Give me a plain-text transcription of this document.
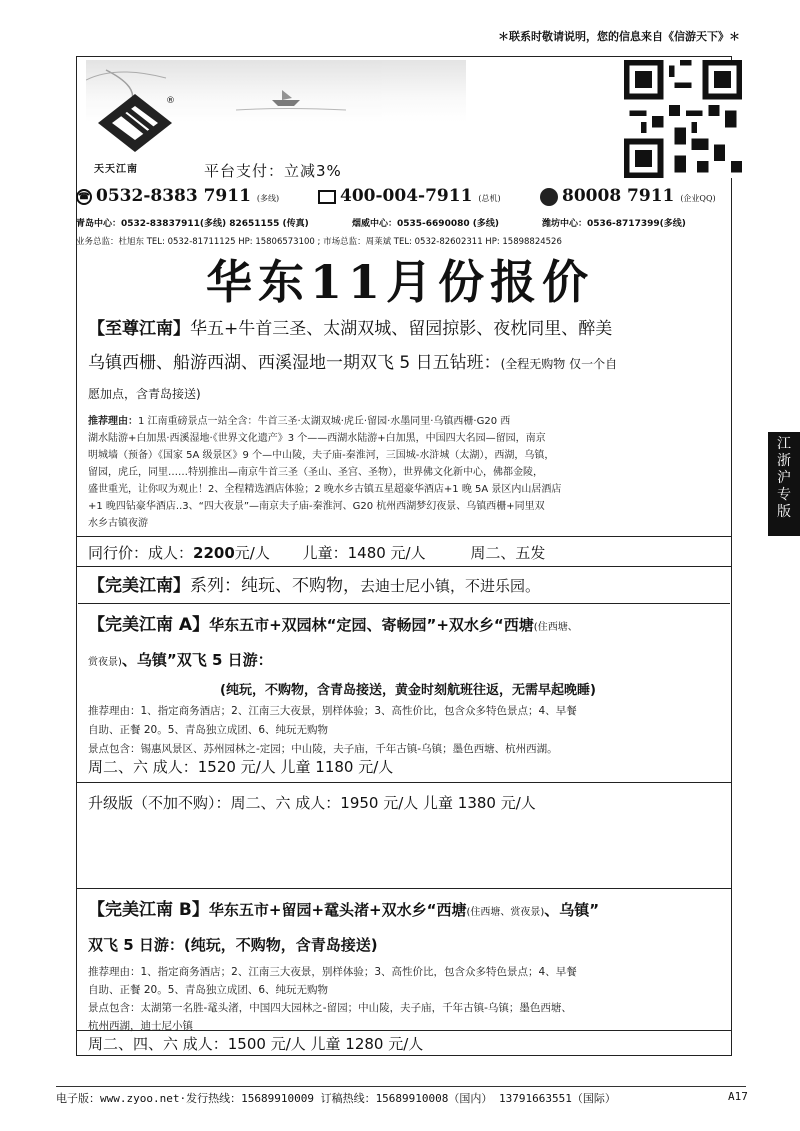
＊联系时敬请说明，您的信息来自《信游天下》＊
江
浙
沪
专
版
®
天天江南	平台支付：立减3%
☎ 0532-8383 7911 (多线)	400-004-7911 (总机)	80008 7911 (企业QQ)
青岛中心：0532-83837911(多线) 82651155 (传真)	烟威中心：0535-6690080 (多线)	潍坊中心：0536-8717399(多线)
业务总监：杜旭东 TEL: 0532-81711125 HP: 15806573100 ; 市场总监：周莱斌 TEL: 0532-82602311 HP: 15898824526
华东11月份报价
【至尊江南】华五+牛首三圣、太湖双城、留园掠影、夜枕同里、醉美
乌镇西栅、船游西湖、西溪湿地一期双飞 5 日五钻班：(全程无购物 仅一个自
愿加点，含青岛接送)
推荐理由：1 江南重磅景点一站全含：牛首三圣·太湖双城·虎丘·留园·水墨同里·乌镇西栅·G20 西
湖水陆游+白加黑·西溪湿地·《世界文化遗产》3 个——西湖水陆游+白加黑，中国四大名园—留园，南京
明城墙（预备）《国家 5A 级景区》9 个—中山陵，夫子庙-秦淮河，三国城-水浒城（太湖），西湖，乌镇，
留园，虎丘，同里……特别推出—南京牛首三圣（圣山、圣宫、圣物），世界佛文化新中心，佛都金陵，
盛世重光，让你叹为观止！2、全程精选酒店体验；2 晚水乡古镇五星超豪华酒店+1 晚 5A 景区内山居酒店
+1 晚四钻豪华酒店..3、“四大夜景”—南京夫子庙-秦淮河、G20 杭州西湖梦幻夜景、乌镇西栅+同里双
水乡古镇夜游
同行价：成人：2200元/人 儿童：1480 元/人	周二、五发
【完美江南】系列：纯玩、不购物，去迪士尼小镇，不进乐园。
【完美江南 A】华东五市+双园林“定园、寄畅园”+双水乡“西塘(住西塘、
赏夜景)、乌镇”双飞 5 日游：
(纯玩，不购物，含青岛接送，黄金时刻航班往返，无需早起晚睡)
推荐理由：1、指定商务酒店；2、江南三大夜景，别样体验；3、高性价比，包含众多特色景点；4、早餐
自助、正餐 20。5、青岛独立成团、6、纯玩无购物
景点包含：锡惠风景区、苏州园林之-定园；中山陵，夫子庙，千年古镇-乌镇；墨色西塘、杭州西湖。
周二、六 成人：1520 元/人 儿童 1180 元/人
升级版（不加不购）：周二、六 成人：1950 元/人 儿童 1380 元/人
【完美江南 B】华东五市+留园+鼋头渚+双水乡“西塘(住西塘、赏夜景)、乌镇”
双飞 5 日游：(纯玩，不购物，含青岛接送)
推荐理由：1、指定商务酒店；2、江南三大夜景，别样体验；3、高性价比，包含众多特色景点；4、早餐
自助、正餐 20。5、青岛独立成团、6、纯玩无购物
景点包含：太湖第一名胜-鼋头渚，中国四大园林之-留园；中山陵，夫子庙，千年古镇-乌镇；墨色西塘、
杭州西湖，迪士尼小镇
周二、四、六 成人：1500 元/人 儿童 1280 元/人
电子版：www.zyoo.net·发行热线：15689910009 订稿热线：15689910008（国内） 13791663551（国际）	A17
